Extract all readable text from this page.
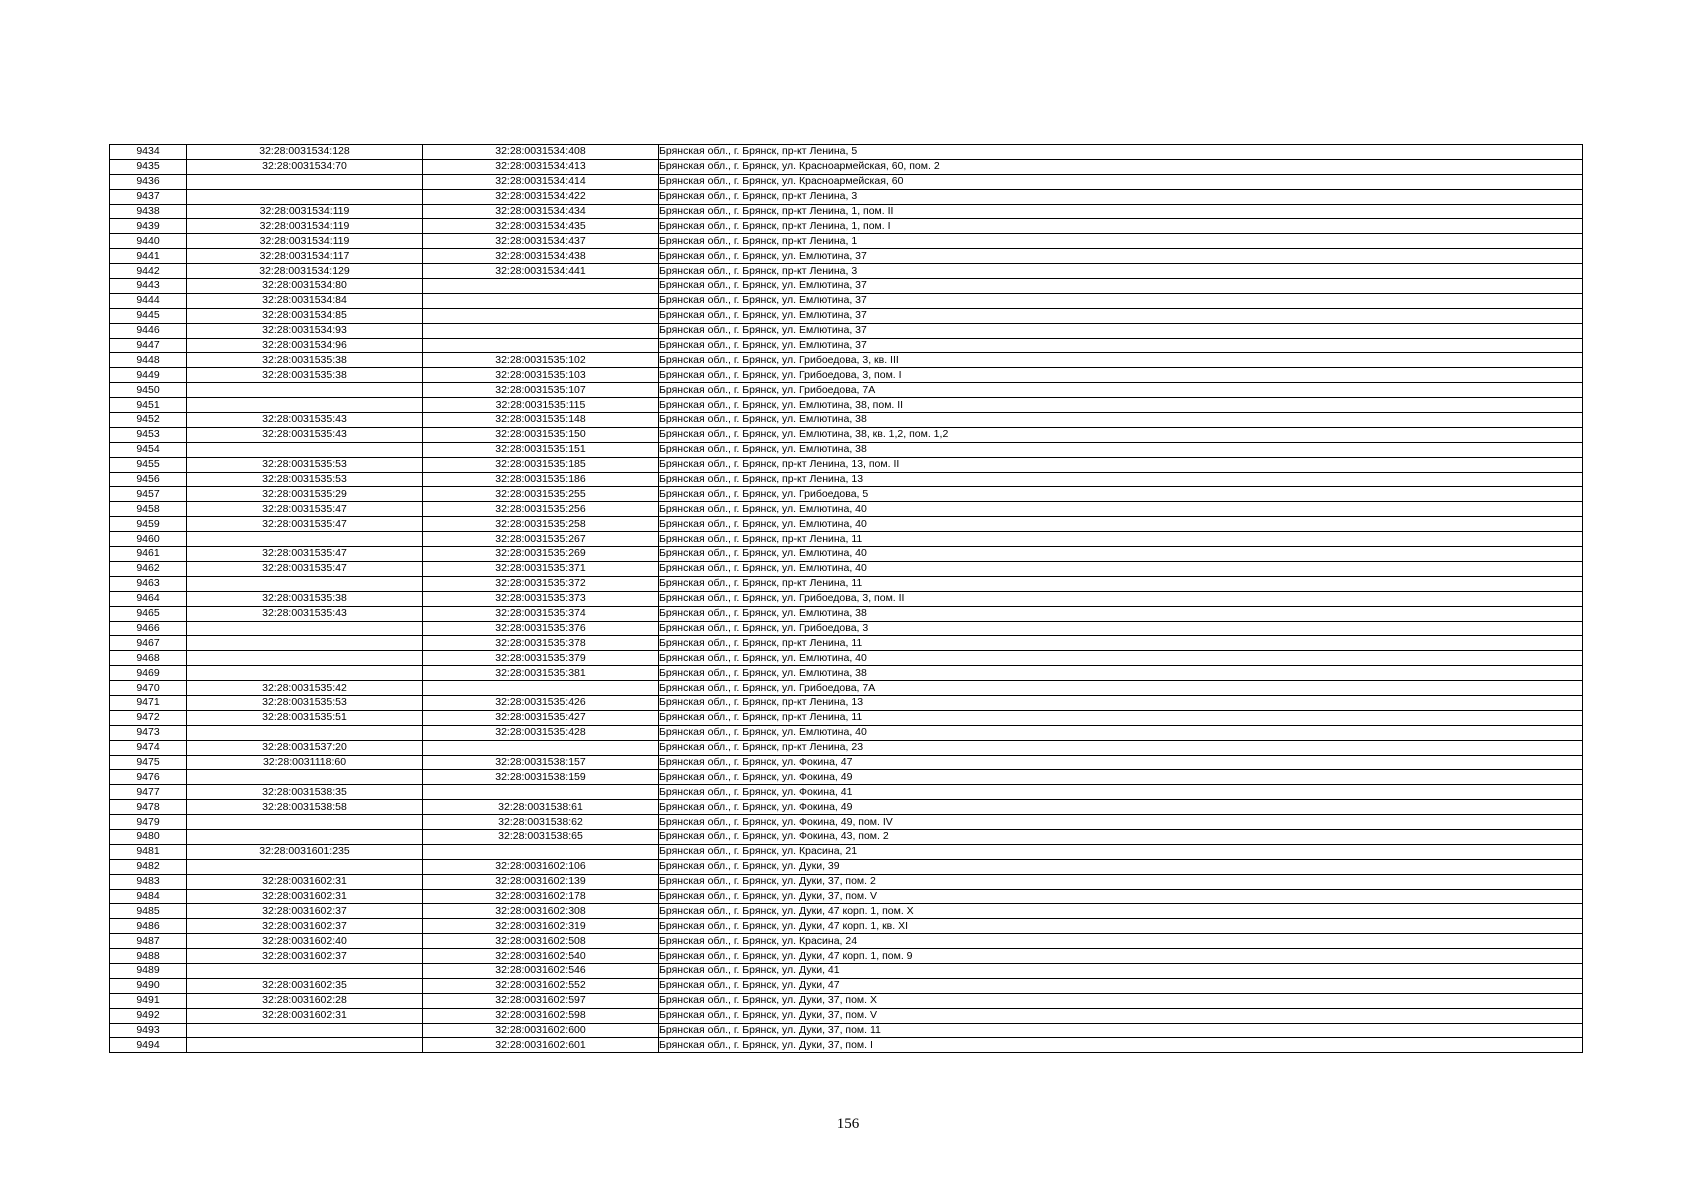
9434	32:28:0031534:128	32:28:0031534:408	Брянская обл., г. Брянск, пр-кт Ленина, 5
9435	32:28:0031534:70	32:28:0031534:413	Брянская обл., г. Брянск, ул. Красноармейская, 60, пом. 2
9436		32:28:0031534:414	Брянская обл., г. Брянск, ул. Красноармейская, 60
9437		32:28:0031534:422	Брянская обл., г. Брянск, пр-кт Ленина, 3
9438	32:28:0031534:119	32:28:0031534:434	Брянская обл., г. Брянск, пр-кт Ленина, 1, пом. II
9439	32:28:0031534:119	32:28:0031534:435	Брянская обл., г. Брянск, пр-кт Ленина, 1, пом. I
9440	32:28:0031534:119	32:28:0031534:437	Брянская обл., г. Брянск, пр-кт Ленина, 1
9441	32:28:0031534:117	32:28:0031534:438	Брянская обл., г. Брянск, ул. Емлютина, 37
9442	32:28:0031534:129	32:28:0031534:441	Брянская обл., г. Брянск, пр-кт Ленина, 3
9443	32:28:0031534:80		Брянская обл., г. Брянск, ул. Емлютина, 37
9444	32:28:0031534:84		Брянская обл., г. Брянск, ул. Емлютина, 37
9445	32:28:0031534:85		Брянская обл., г. Брянск, ул. Емлютина, 37
9446	32:28:0031534:93		Брянская обл., г. Брянск, ул. Емлютина, 37
9447	32:28:0031534:96		Брянская обл., г. Брянск, ул. Емлютина, 37
9448	32:28:0031535:38	32:28:0031535:102	Брянская обл., г. Брянск, ул. Грибоедова, 3, кв. III
9449	32:28:0031535:38	32:28:0031535:103	Брянская обл., г. Брянск, ул. Грибоедова, 3, пом. I
9450		32:28:0031535:107	Брянская обл., г. Брянск, ул. Грибоедова, 7А
9451		32:28:0031535:115	Брянская обл., г. Брянск, ул. Емлютина, 38, пом. II
9452	32:28:0031535:43	32:28:0031535:148	Брянская обл., г. Брянск, ул. Емлютина, 38
9453	32:28:0031535:43	32:28:0031535:150	Брянская обл., г. Брянск, ул. Емлютина, 38, кв. 1,2, пом. 1,2
9454		32:28:0031535:151	Брянская обл., г. Брянск, ул. Емлютина, 38
9455	32:28:0031535:53	32:28:0031535:185	Брянская обл., г. Брянск, пр-кт Ленина, 13, пом. II
9456	32:28:0031535:53	32:28:0031535:186	Брянская обл., г. Брянск, пр-кт Ленина, 13
9457	32:28:0031535:29	32:28:0031535:255	Брянская обл., г. Брянск, ул. Грибоедова, 5
9458	32:28:0031535:47	32:28:0031535:256	Брянская обл., г. Брянск, ул. Емлютина, 40
9459	32:28:0031535:47	32:28:0031535:258	Брянская обл., г. Брянск, ул. Емлютина, 40
9460		32:28:0031535:267	Брянская обл., г. Брянск, пр-кт Ленина, 11
9461	32:28:0031535:47	32:28:0031535:269	Брянская обл., г. Брянск, ул. Емлютина, 40
9462	32:28:0031535:47	32:28:0031535:371	Брянская обл., г. Брянск, ул. Емлютина, 40
9463		32:28:0031535:372	Брянская обл., г. Брянск, пр-кт Ленина, 11
9464	32:28:0031535:38	32:28:0031535:373	Брянская обл., г. Брянск, ул. Грибоедова, 3, пом. II
9465	32:28:0031535:43	32:28:0031535:374	Брянская обл., г. Брянск, ул. Емлютина, 38
9466		32:28:0031535:376	Брянская обл., г. Брянск, ул. Грибоедова, 3
9467		32:28:0031535:378	Брянская обл., г. Брянск, пр-кт Ленина, 11
9468		32:28:0031535:379	Брянская обл., г. Брянск, ул. Емлютина, 40
9469		32:28:0031535:381	Брянская обл., г. Брянск, ул. Емлютина, 38
9470	32:28:0031535:42		Брянская обл., г. Брянск, ул. Грибоедова, 7А
9471	32:28:0031535:53	32:28:0031535:426	Брянская обл., г. Брянск, пр-кт Ленина, 13
9472	32:28:0031535:51	32:28:0031535:427	Брянская обл., г. Брянск, пр-кт Ленина, 11
9473		32:28:0031535:428	Брянская обл., г. Брянск, ул. Емлютина, 40
9474	32:28:0031537:20		Брянская обл., г. Брянск, пр-кт Ленина, 23
9475	32:28:0031118:60	32:28:0031538:157	Брянская обл., г. Брянск, ул. Фокина, 47
9476		32:28:0031538:159	Брянская обл., г. Брянск, ул. Фокина, 49
9477	32:28:0031538:35		Брянская обл., г. Брянск, ул. Фокина, 41
9478	32:28:0031538:58	32:28:0031538:61	Брянская обл., г. Брянск, ул. Фокина, 49
9479		32:28:0031538:62	Брянская обл., г. Брянск, ул. Фокина, 49, пом. IV
9480		32:28:0031538:65	Брянская обл., г. Брянск, ул. Фокина, 43, пом. 2
9481	32:28:0031601:235		Брянская обл., г. Брянск, ул. Красина, 21
9482		32:28:0031602:106	Брянская обл., г. Брянск, ул. Дуки, 39
9483	32:28:0031602:31	32:28:0031602:139	Брянская обл., г. Брянск, ул. Дуки, 37, пом. 2
9484	32:28:0031602:31	32:28:0031602:178	Брянская обл., г. Брянск, ул. Дуки, 37, пом. V
9485	32:28:0031602:37	32:28:0031602:308	Брянская обл., г. Брянск, ул. Дуки, 47 корп. 1, пом. X
9486	32:28:0031602:37	32:28:0031602:319	Брянская обл., г. Брянск, ул. Дуки, 47 корп. 1, кв. XI
9487	32:28:0031602:40	32:28:0031602:508	Брянская обл., г. Брянск, ул. Красина, 24
9488	32:28:0031602:37	32:28:0031602:540	Брянская обл., г. Брянск, ул. Дуки, 47 корп. 1, пом. 9
9489		32:28:0031602:546	Брянская обл., г. Брянск, ул. Дуки, 41
9490	32:28:0031602:35	32:28:0031602:552	Брянская обл., г. Брянск, ул. Дуки, 47
9491	32:28:0031602:28	32:28:0031602:597	Брянская обл., г. Брянск, ул. Дуки, 37, пом. X
9492	32:28:0031602:31	32:28:0031602:598	Брянская обл., г. Брянск, ул. Дуки, 37, пом. V
9493		32:28:0031602:600	Брянская обл., г. Брянск, ул. Дуки, 37, пом. 11
9494		32:28:0031602:601	Брянская обл., г. Брянск, ул. Дуки, 37, пом. I
156
